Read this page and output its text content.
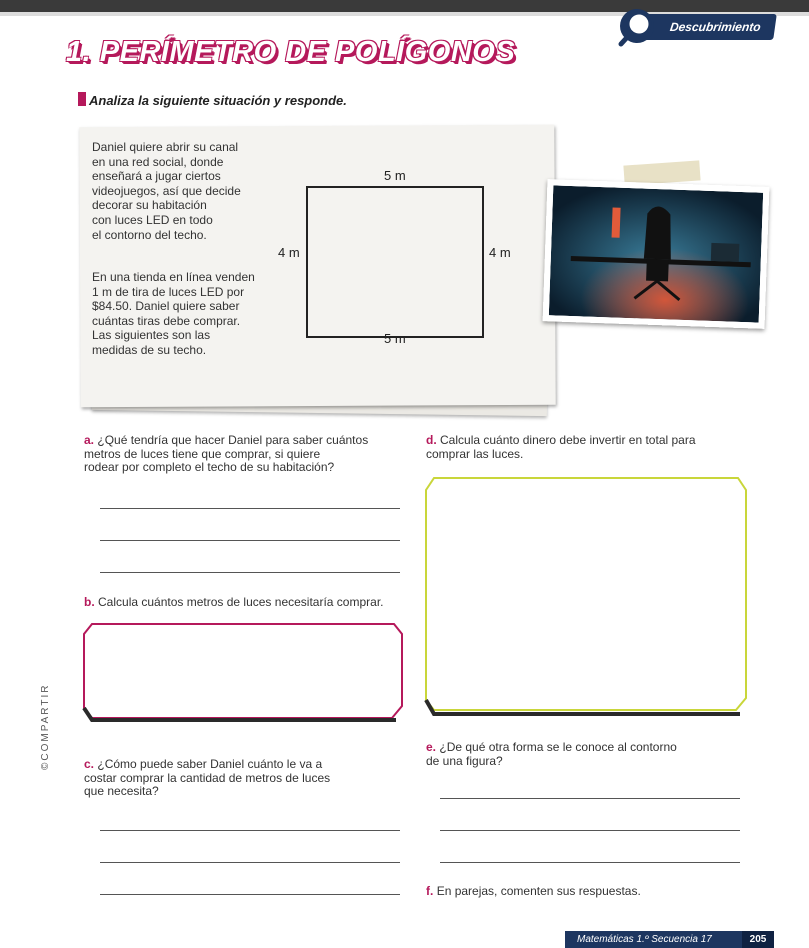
Descubrimiento
1. PERÍMETRO DE POLÍGONOS
Analiza la siguiente situación y responde.
Daniel quiere abrir su canal
en una red social, donde
enseñará a jugar ciertos
videojuegos, así que decide
decorar su habitación
con luces LED en todo
el contorno del techo.
En una tienda en línea venden
1 m de tira de luces LED por
$84.50. Daniel quiere saber
cuántas tiras debe comprar.
Las siguientes son las
medidas de su techo.
5 m
5 m
4 m	4 m
a. ¿Qué tendría que hacer Daniel para saber cuántos
metros de luces tiene que comprar, si quiere
rodear por completo el techo de su habitación?
b. Calcula cuántos metros de luces necesitaría comprar.
c. ¿Cómo puede saber Daniel cuánto le va a
costar comprar la cantidad de metros de luces
que necesita?
d. Calcula cuánto dinero debe invertir en total para
comprar las luces.
e. ¿De qué otra forma se le conoce al contorno
de una figura?
f. En parejas, comenten sus respuestas.
©COMPARTIR
Matemáticas 1.º Secuencia 17	205
